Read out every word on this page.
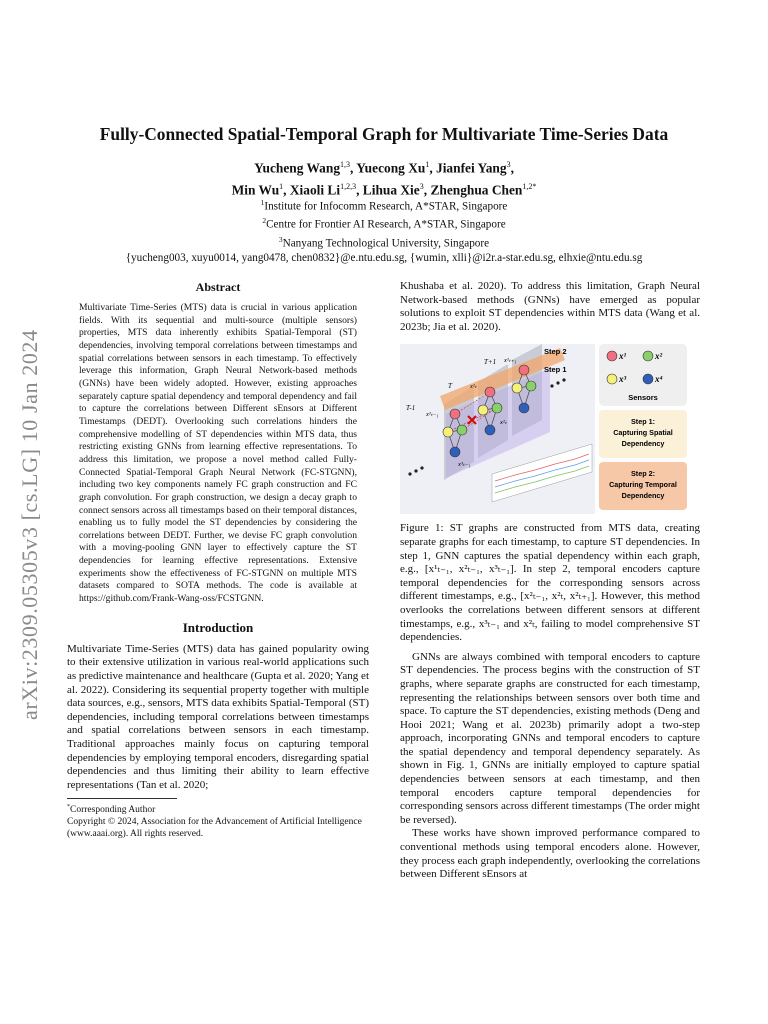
arXiv:2309.05305v3 [cs.LG] 10 Jan 2024
Fully-Connected Spatial-Temporal Graph for Multivariate Time-Series Data
Yucheng Wang$^{1,3}$, Yuecong Xu$^1$, Jianfei Yang$^3$,
Min Wu$^1$, Xiaoli Li$^{1,2,3}$, Lihua Xie$^3$, Zhenghua Chen$^{1,2*}$
$^1$Institute for Infocomm Research, A*STAR, Singapore
$^2$Centre for Frontier AI Research, A*STAR, Singapore
$^3$Nanyang Technological University, Singapore
{yucheng003, xuyu0014, yang0478, chen0832}@e.ntu.edu.sg, {wumin, xlli}@i2r.a-star.edu.sg, elhxie@ntu.edu.sg
Abstract
Multivariate Time-Series (MTS) data is crucial in various application fields. With its sequential and multi-source (multiple sensors) properties, MTS data inherently exhibits Spatial-Temporal (ST) dependencies, involving temporal correlations between timestamps and spatial correlations between sensors in each timestamp. To effectively leverage this information, Graph Neural Network-based methods (GNNs) have been widely adopted. However, existing approaches separately capture spatial dependency and temporal dependency and fail to capture the correlations between Different sEnsors at Different Timestamps (DEDT). Overlooking such correlations hinders the comprehensive modelling of ST dependencies within MTS data, thus restricting existing GNNs from learning effective representations. To address this limitation, we propose a novel method called Fully-Connected Spatial-Temporal Graph Neural Network (FC-STGNN), including two key components namely FC graph construction and FC graph convolution. For graph construction, we design a decay graph to connect sensors across all timestamps based on their temporal distances, enabling us to fully model the ST dependencies by considering the correlations between DEDT. Further, we devise FC graph convolution with a moving-pooling GNN layer to effectively capture the ST dependencies for learning effective representations. Extensive experiments show the effectiveness of FC-STGNN on multiple MTS datasets compared to SOTA methods. The code is available at https://github.com/Frank-Wang-oss/FCSTGNN.
Introduction
Multivariate Time-Series (MTS) data has gained popularity owing to their extensive utilization in various real-world applications such as predictive maintenance and healthcare (Gupta et al. 2020; Yang et al. 2022). Considering its sequential property together with multiple data sources, e.g., sensors, MTS data exhibits Spatial-Temporal (ST) dependencies, including temporal correlations between timestamps and spatial correlations between sensors in each timestamp. Traditional approaches mainly focus on capturing temporal dependencies by employing temporal encoders, disregarding spatial dependencies and thus limiting their ability to learn effective representations (Tan et al. 2020;
*Corresponding Author
Copyright © 2024, Association for the Advancement of Artificial Intelligence (www.aaai.org). All rights reserved.
Khushaba et al. 2020). To address this limitation, Graph Neural Network-based methods (GNNs) have emerged as popular solutions to exploit ST dependencies within MTS data (Wang et al. 2023b; Jia et al. 2020).
Step 2
Step 1
T+1
T
T-1
x¹ₜ₊₁
x¹ₜ
x¹ₜ₋₁
x²ₜ
x³ₜ₋₁
x¹	x²
x³	x⁴
Sensors
Step 1:
Capturing Spatial
Dependency
Step 2:
Capturing Temporal
Dependency
Figure 1: ST graphs are constructed from MTS data, creating separate graphs for each timestamp, to capture ST dependencies. In step 1, GNN captures the spatial dependency within each graph, e.g., [x¹ₜ₋₁, x²ₜ₋₁, x³ₜ₋₁]. In step 2, temporal encoders capture temporal dependencies for the corresponding sensors across different timestamps, e.g., [x²ₜ₋₁, x²ₜ, x²ₜ₊₁]. However, this method overlooks the correlations between different sensors at different timestamps, e.g., x³ₜ₋₁ and x²ₜ, failing to model comprehensive ST dependencies.
GNNs are always combined with temporal encoders to capture ST dependencies. The process begins with the construction of ST graphs, where separate graphs are constructed for each timestamp, representing the relationships between sensors over both time and space. To capture the ST dependencies, existing methods (Deng and Hooi 2021; Wang et al. 2023b) primarily adopt a two-step approach, incorporating GNNs and temporal encoders to capture the spatial dependency and temporal dependency separately. As shown in Fig. 1, GNNs are initially employed to capture spatial dependencies between sensors at each timestamp, and then temporal encoders capture temporal dependencies for corresponding sensors across different timestamps (The order might be reversed).
These works have shown improved performance compared to conventional methods using temporal encoders alone. However, they process each graph independently, overlooking the correlations between Different sEnsors at
